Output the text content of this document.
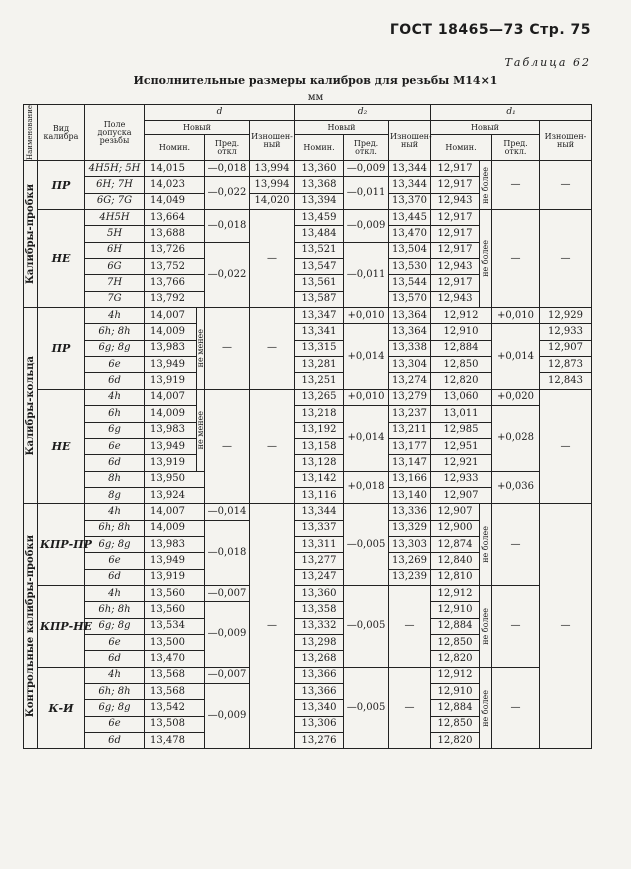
ГОСТ 18465—73 Стр. 75
Таблица 62
Исполнительные размеры калибров для резьбы М14×1
мм
Наименование	Вид калибра	Поле допуска резьбы	d				d₂			d₁			
			Новый			Изношен-ный	Новый		Изношен-ный	Новый			Изношен-ный
			Номин.		Пред. откл		Номин.	Пред. откл.		Номин.		Пред. откл.	

Калибры-пробки	ПР	4H5H; 5H	14,015		—0,018	13,994	13,360	—0,009	13,344	12,917	не более	—	—
		6H; 7H	14,023		—0,022	13,994	13,368	—0,011	13,344	12,917			
		6G; 7G	14,049			14,020	13,394		13,370	12,943			
	НЕ	4H5H	13,664		—0,018	—	13,459	—0,009	13,445	12,917	не более	—	—
		5H	13,688				13,484		13,470	12,917			
		6H	13,726		—0,022		13,521	—0,011	13,504	12,917			
		6G	13,752				13,547		13,530	12,943			
		7H	13,766				13,561		13,544	12,917			
		7G	13,792				13,587		13,570	12,943			

Калибры-кольца	ПР	4h	14,007	не менее	—	—	13,347	+0,010	13,364	12,912		+0,010	12,929
		6h; 8h	14,009				13,341	+0,014	13,364	12,910		+0,014	12,933
		6g; 8g	13,983				13,315		13,338	12,884			12,907
		6e	13,949				13,281		13,304	12,850			12,873
		6d	13,919				13,251		13,274	12,820			12,843
	НЕ	4h	14,007	не менее	—	—	13,265	+0,010	13,279	13,060		+0,020	—
		6h	14,009				13,218	+0,014	13,237	13,011		+0,028	
		6g	13,983				13,192		13,211	12,985			
		6e	13,949				13,158		13,177	12,951			
		6d	13,919				13,128		13,147	12,921			
		8h	13,950				13,142	+0,018	13,166	12,933		+0,036	
		8g	13,924				13,116		13,140	12,907			

Контрольные калибры-пробки	КПР-ПР	4h	14,007		—0,014	—	13,344	—0,005	13,336	12,907	не более	—	—
		6h; 8h	14,009		—0,018		13,337		13,329	12,900			
		6g; 8g	13,983				13,311		13,303	12,874			
		6e	13,949				13,277		13,269	12,840			
		6d	13,919				13,247		13,239	12,810			
	КПР-НЕ	4h	13,560		—0,007		13,360	—0,005	—	12,912	не более	—	
		6h; 8h	13,560		—0,009		13,358			12,910			
		6g; 8g	13,534				13,332			12,884			
		6e	13,500				13,298			12,850			
		6d	13,470				13,268			12,820			
	К-И	4h	13,568		—0,007		13,366	—0,005	—	12,912	не более	—	
		6h; 8h	13,568		—0,009		13,366			12,910			
		6g; 8g	13,542				13,340			12,884			
		6e	13,508				13,306			12,850			
		6d	13,478				13,276			12,820			
